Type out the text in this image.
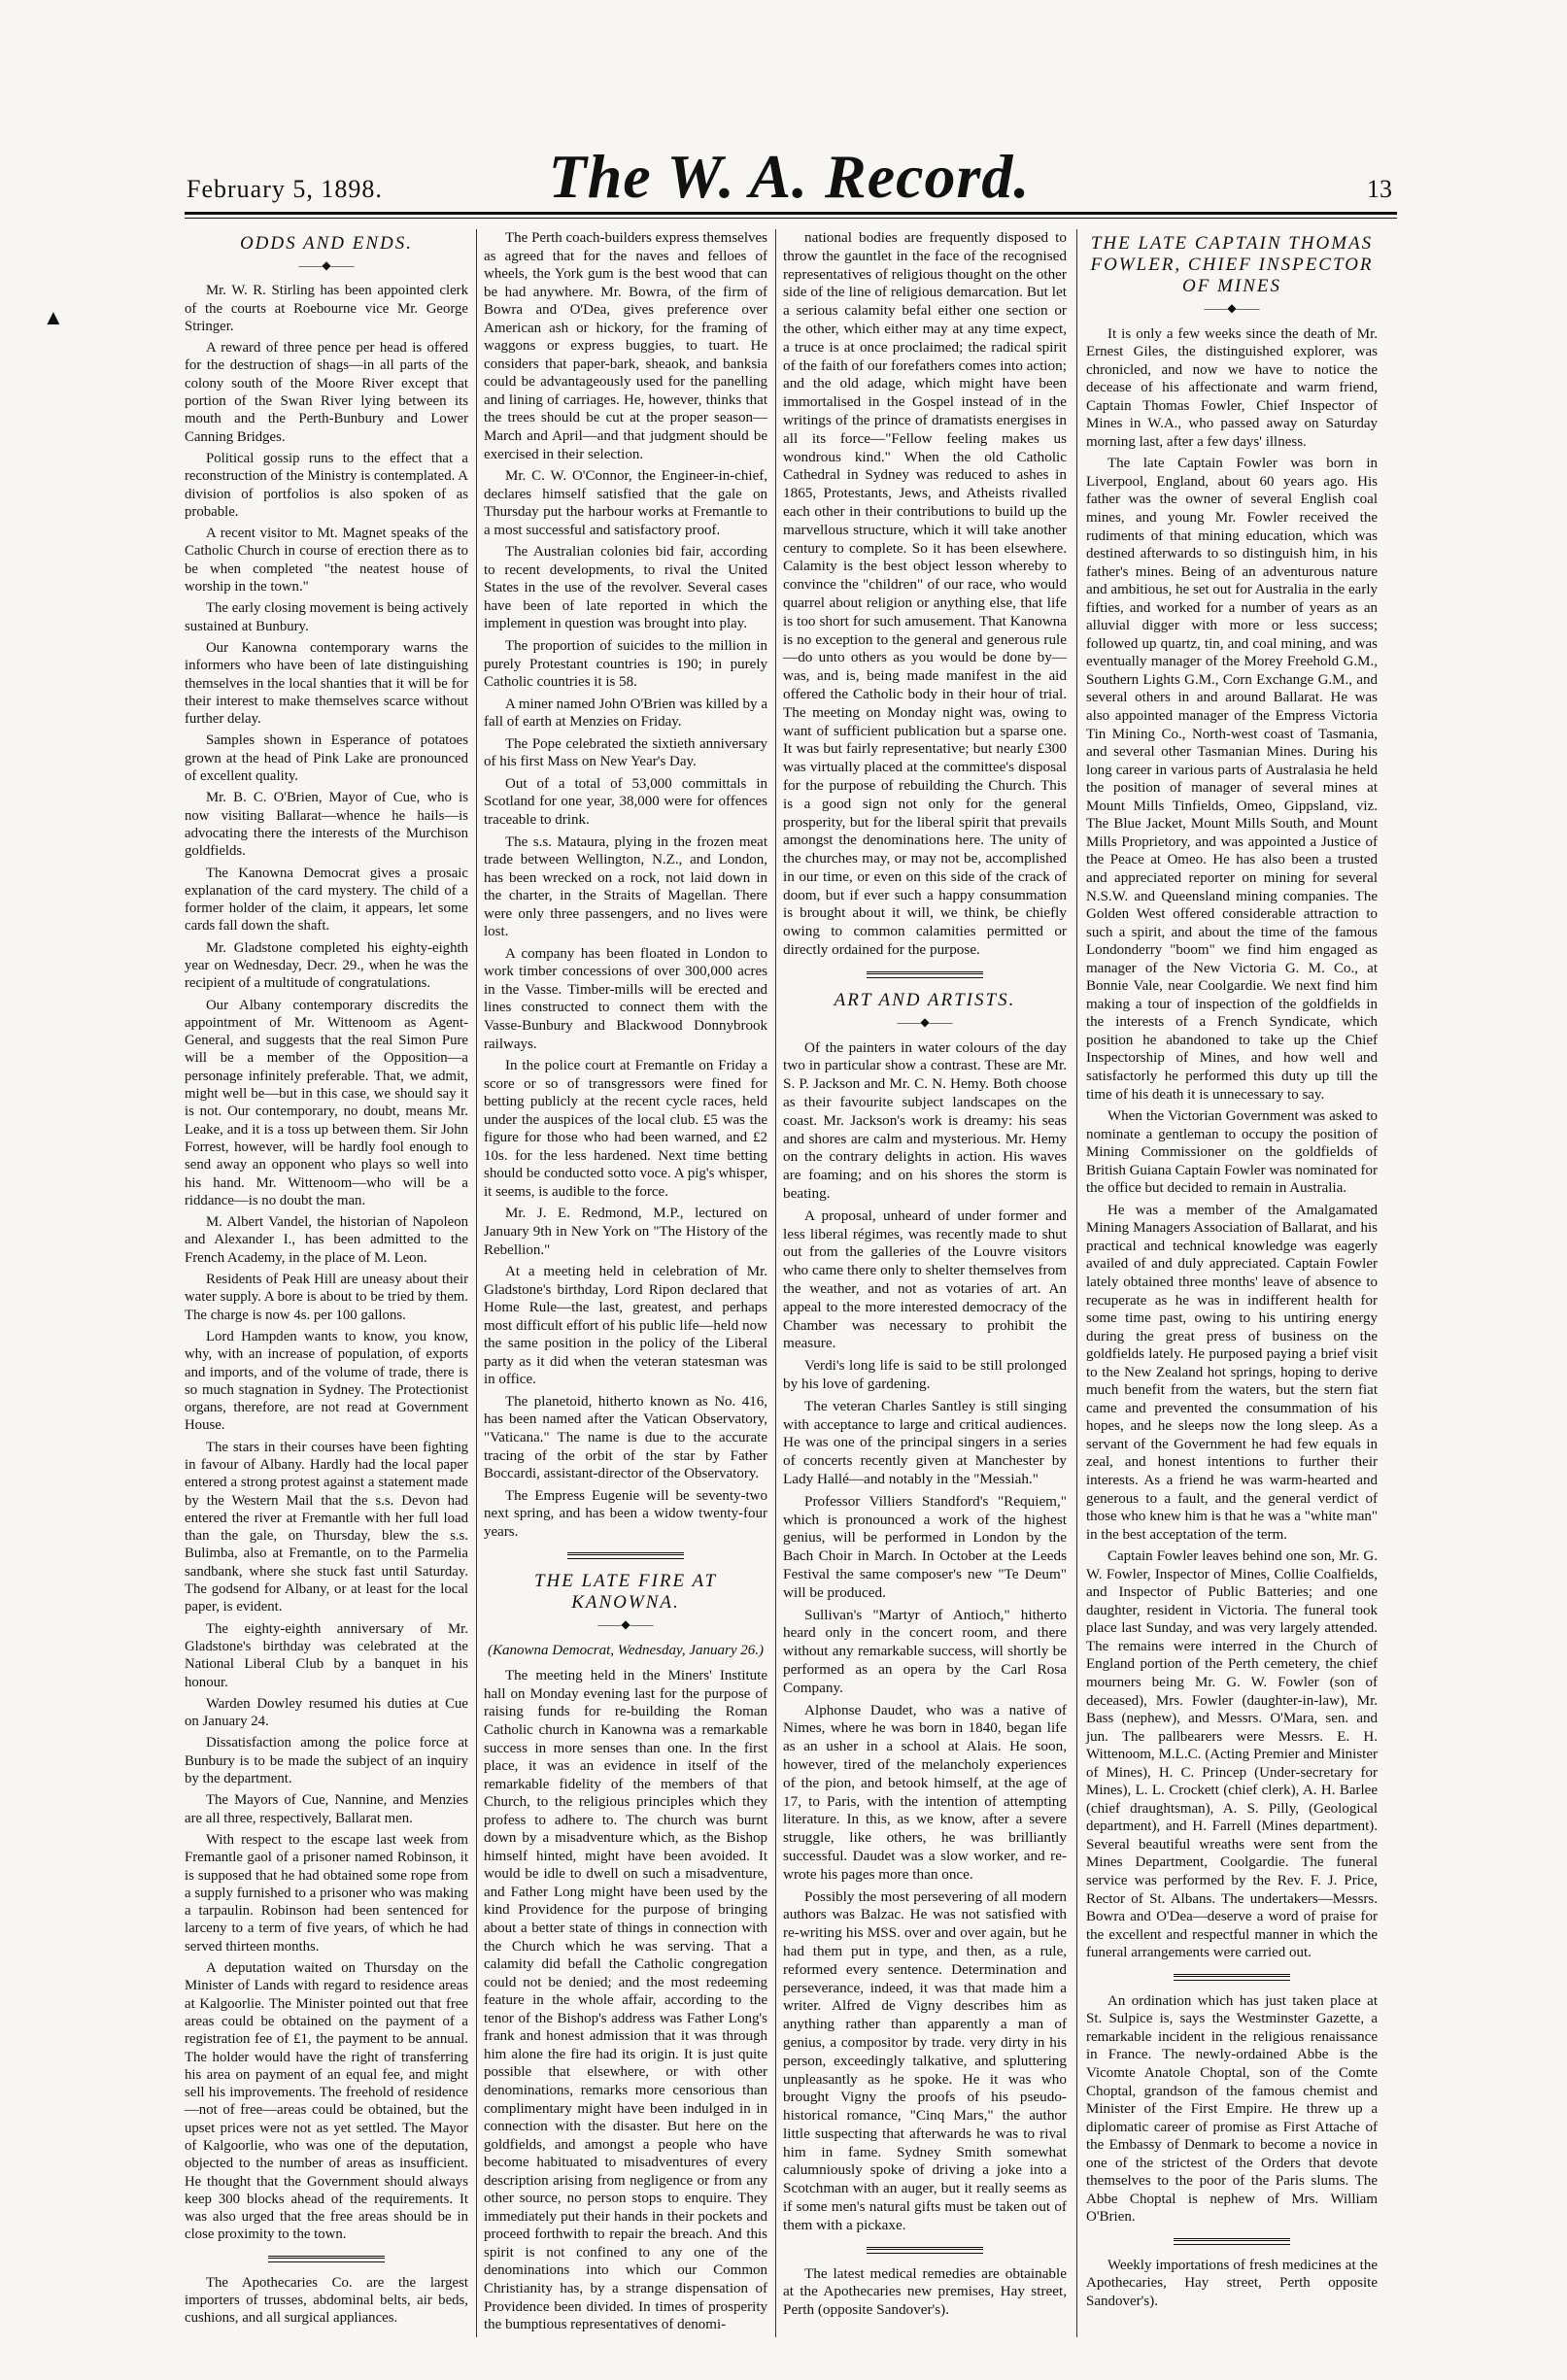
February 5, 1898.	The W. A. Record.	13
▲
ODDS AND ENDS.
——◆——

Mr. W. R. Stirling has been appointed clerk of the courts at Roebourne vice Mr. George Stringer.

A reward of three pence per head is offered for the destruction of shags—in all parts of the colony south of the Moore River except that portion of the Swan River lying between its mouth and the Perth-Bunbury and Lower Canning Bridges.

Political gossip runs to the effect that a reconstruction of the Ministry is contemplated. A division of portfolios is also spoken of as probable.

A recent visitor to Mt. Magnet speaks of the Catholic Church in course of erection there as to be when completed "the neatest house of worship in the town."

The early closing movement is being actively sustained at Bunbury.

Our Kanowna contemporary warns the informers who have been of late distinguishing themselves in the local shanties that it will be for their interest to make themselves scarce without further delay.

Samples shown in Esperance of potatoes grown at the head of Pink Lake are pronounced of excellent quality.

Mr. B. C. O'Brien, Mayor of Cue, who is now visiting Ballarat—whence he hails—is advocating there the interests of the Murchison goldfields.

The Kanowna Democrat gives a prosaic explanation of the card mystery. The child of a former holder of the claim, it appears, let some cards fall down the shaft.

Mr. Gladstone completed his eighty-eighth year on Wednesday, Decr. 29., when he was the recipient of a multitude of congratulations.

Our Albany contemporary discredits the appointment of Mr. Wittenoom as Agent-General, and suggests that the real Simon Pure will be a member of the Opposition—a personage infinitely preferable. That, we admit, might well be—but in this case, we should say it is not. Our contemporary, no doubt, means Mr. Leake, and it is a toss up between them. Sir John Forrest, however, will be hardly fool enough to send away an opponent who plays so well into his hand. Mr. Wittenoom—who will be a riddance—is no doubt the man.

M. Albert Vandel, the historian of Napoleon and Alexander I., has been admitted to the French Academy, in the place of M. Leon.

Residents of Peak Hill are uneasy about their water supply. A bore is about to be tried by them. The charge is now 4s. per 100 gallons.

Lord Hampden wants to know, you know, why, with an increase of population, of exports and imports, and of the volume of trade, there is so much stagnation in Sydney. The Protectionist organs, therefore, are not read at Government House.

The stars in their courses have been fighting in favour of Albany. Hardly had the local paper entered a strong protest against a statement made by the Western Mail that the s.s. Devon had entered the river at Fremantle with her full load than the gale, on Thursday, blew the s.s. Bulimba, also at Fremantle, on to the Parmelia sandbank, where she stuck fast until Saturday. The godsend for Albany, or at least for the local paper, is evident.

The eighty-eighth anniversary of Mr. Gladstone's birthday was celebrated at the National Liberal Club by a banquet in his honour.

Warden Dowley resumed his duties at Cue on January 24.

Dissatisfaction among the police force at Bunbury is to be made the subject of an inquiry by the department.

The Mayors of Cue, Nannine, and Menzies are all three, respectively, Ballarat men.

With respect to the escape last week from Fremantle gaol of a prisoner named Robinson, it is supposed that he had obtained some rope from a supply furnished to a prisoner who was making a tarpaulin. Robinson had been sentenced for larceny to a term of five years, of which he had served thirteen months.

A deputation waited on Thursday on the Minister of Lands with regard to residence areas at Kalgoorlie. The Minister pointed out that free areas could be obtained on the payment of a registration fee of £1, the payment to be annual. The holder would have the right of transferring his area on payment of an equal fee, and might sell his improvements. The freehold of residence—not of free—areas could be obtained, but the upset prices were not as yet settled. The Mayor of Kalgoorlie, who was one of the deputation, objected to the number of areas as insufficient. He thought that the Government should always keep 300 blocks ahead of the requirements. It was also urged that the free areas should be in close proximity to the town.

The Apothecaries Co. are the largest importers of trusses, abdominal belts, air beds, cushions, and all surgical appliances.

The Perth coach-builders express themselves as agreed that for the naves and felloes of wheels, the York gum is the best wood that can be had anywhere. Mr. Bowra, of the firm of Bowra and O'Dea, gives preference over American ash or hickory, for the framing of waggons or express buggies, to tuart. He considers that paper-bark, sheaok, and banksia could be advantageously used for the panelling and lining of carriages. He, however, thinks that the trees should be cut at the proper season—March and April—and that judgment should be exercised in their selection.

Mr. C. W. O'Connor, the Engineer-in-chief, declares himself satisfied that the gale on Thursday put the harbour works at Fremantle to a most successful and satisfactory proof.

The Australian colonies bid fair, according to recent developments, to rival the United States in the use of the revolver. Several cases have been of late reported in which the implement in question was brought into play.

The proportion of suicides to the million in purely Protestant countries is 190; in purely Catholic countries it is 58.

A miner named John O'Brien was killed by a fall of earth at Menzies on Friday.

The Pope celebrated the sixtieth anniversary of his first Mass on New Year's Day.

Out of a total of 53,000 committals in Scotland for one year, 38,000 were for offences traceable to drink.

The s.s. Mataura, plying in the frozen meat trade between Wellington, N.Z., and London, has been wrecked on a rock, not laid down in the charter, in the Straits of Magellan. There were only three passengers, and no lives were lost.

A company has been floated in London to work timber concessions of over 300,000 acres in the Vasse. Timber-mills will be erected and lines constructed to connect them with the Vasse-Bunbury and Blackwood Donnybrook railways.

In the police court at Fremantle on Friday a score or so of transgressors were fined for betting publicly at the recent cycle races, held under the auspices of the local club. £5 was the figure for those who had been warned, and £2 10s. for the less hardened. Next time betting should be conducted sotto voce. A pig's whisper, it seems, is audible to the force.

Mr. J. E. Redmond, M.P., lectured on January 9th in New York on "The History of the Rebellion."

At a meeting held in celebration of Mr. Gladstone's birthday, Lord Ripon declared that Home Rule—the last, greatest, and perhaps most difficult effort of his public life—held now the same position in the policy of the Liberal party as it did when the veteran statesman was in office.

The planetoid, hitherto known as No. 416, has been named after the Vatican Observatory, "Vaticana." The name is due to the accurate tracing of the orbit of the star by Father Boccardi, assistant-director of the Observatory.

The Empress Eugenie will be seventy-two next spring, and has been a widow twenty-four years.

THE LATE FIRE AT KANOWNA.
——◆——
(Kanowna Democrat, Wednesday, January 26.)

The meeting held in the Miners' Institute hall on Monday evening last for the purpose of raising funds for re-building the Roman Catholic church in Kanowna was a remarkable success in more senses than one. In the first place, it was an evidence in itself of the remarkable fidelity of the members of that Church, to the religious principles which they profess to adhere to. The church was burnt down by a misadventure which, as the Bishop himself hinted, might have been avoided. It would be idle to dwell on such a misadventure, and Father Long might have been used by the kind Providence for the purpose of bringing about a better state of things in connection with the Church which he was serving. That a calamity did befall the Catholic congregation could not be denied; and the most redeeming feature in the whole affair, according to the tenor of the Bishop's address was Father Long's frank and honest admission that it was through him alone the fire had its origin. It is just quite possible that elsewhere, or with other denominations, remarks more censorious than complimentary might have been indulged in in connection with the disaster. But here on the goldfields, and amongst a people who have become habituated to misadventures of every description arising from negligence or from any other source, no person stops to enquire. They immediately put their hands in their pockets and proceed forthwith to repair the breach. And this spirit is not confined to any one of the denominations into which our Common Christianity has, by a strange dispensation of Providence been divided. In times of prosperity the bumptious representatives of denomi-

national bodies are frequently disposed to throw the gauntlet in the face of the recognised representatives of religious thought on the other side of the line of religious demarcation. But let a serious calamity befal either one section or the other, which either may at any time expect, a truce is at once proclaimed; the radical spirit of the faith of our forefathers comes into action; and the old adage, which might have been immortalised in the Gospel instead of in the writings of the prince of dramatists energises in all its force—"Fellow feeling makes us wondrous kind." When the old Catholic Cathedral in Sydney was reduced to ashes in 1865, Protestants, Jews, and Atheists rivalled each other in their contributions to build up the marvellous structure, which it will take another century to complete. So it has been elsewhere. Calamity is the best object lesson whereby to convince the "children" of our race, who would quarrel about religion or anything else, that life is too short for such amusement. That Kanowna is no exception to the general and generous rule—do unto others as you would be done by—was, and is, being made manifest in the aid offered the Catholic body in their hour of trial. The meeting on Monday night was, owing to want of sufficient publication but a sparse one. It was but fairly representative; but nearly £300 was virtually placed at the committee's disposal for the purpose of rebuilding the Church. This is a good sign not only for the general prosperity, but for the liberal spirit that prevails amongst the denominations here. The unity of the churches may, or may not be, accomplished in our time, or even on this side of the crack of doom, but if ever such a happy consummation is brought about it will, we think, be chiefly owing to common calamities permitted or directly ordained for the purpose.

ART AND ARTISTS.
——◆——

Of the painters in water colours of the day two in particular show a contrast. These are Mr. S. P. Jackson and Mr. C. N. Hemy. Both choose as their favourite subject landscapes on the coast. Mr. Jackson's work is dreamy: his seas and shores are calm and mysterious. Mr. Hemy on the contrary delights in action. His waves are foaming; and on his shores the storm is beating.

A proposal, unheard of under former and less liberal régimes, was recently made to shut out from the galleries of the Louvre visitors who came there only to shelter themselves from the weather, and not as votaries of art. An appeal to the more interested democracy of the Chamber was necessary to prohibit the measure.

Verdi's long life is said to be still prolonged by his love of gardening.

The veteran Charles Santley is still singing with acceptance to large and critical audiences. He was one of the principal singers in a series of concerts recently given at Manchester by Lady Hallé—and notably in the "Messiah."

Professor Villiers Standford's "Requiem," which is pronounced a work of the highest genius, will be performed in London by the Bach Choir in March. In October at the Leeds Festival the same composer's new "Te Deum" will be produced.

Sullivan's "Martyr of Antioch," hitherto heard only in the concert room, and there without any remarkable success, will shortly be performed as an opera by the Carl Rosa Company.

Alphonse Daudet, who was a native of Nimes, where he was born in 1840, began life as an usher in a school at Alais. He soon, however, tired of the melancholy experiences of the pion, and betook himself, at the age of 17, to Paris, with the intention of attempting literature. In this, as we know, after a severe struggle, like others, he was brilliantly successful. Daudet was a slow worker, and re-wrote his pages more than once.

Possibly the most persevering of all modern authors was Balzac. He was not satisfied with re-writing his MSS. over and over again, but he had them put in type, and then, as a rule, reformed every sentence. Determination and perseverance, indeed, it was that made him a writer. Alfred de Vigny describes him as anything rather than apparently a man of genius, a compositor by trade. very dirty in his person, exceedingly talkative, and spluttering unpleasantly as he spoke. He it was who brought Vigny the proofs of his pseudo-historical romance, "Cinq Mars," the author little suspecting that afterwards he was to rival him in fame. Sydney Smith somewhat calumniously spoke of driving a joke into a Scotchman with an auger, but it really seems as if some men's natural gifts must be taken out of them with a pickaxe.

The latest medical remedies are obtainable at the Apothecaries new premises, Hay street, Perth (opposite Sandover's).

THE LATE CAPTAIN THOMAS FOWLER, CHIEF INSPECTOR OF MINES
——◆——

It is only a few weeks since the death of Mr. Ernest Giles, the distinguished explorer, was chronicled, and now we have to notice the decease of his affectionate and warm friend, Captain Thomas Fowler, Chief Inspector of Mines in W.A., who passed away on Saturday morning last, after a few days' illness.

The late Captain Fowler was born in Liverpool, England, about 60 years ago. His father was the owner of several English coal mines, and young Mr. Fowler received the rudiments of that mining education, which was destined afterwards to so distinguish him, in his father's mines. Being of an adventurous nature and ambitious, he set out for Australia in the early fifties, and worked for a number of years as an alluvial digger with more or less success; followed up quartz, tin, and coal mining, and was eventually manager of the Morey Freehold G.M., Southern Lights G.M., Corn Exchange G.M., and several others in and around Ballarat. He was also appointed manager of the Empress Victoria Tin Mining Co., North-west coast of Tasmania, and several other Tasmanian Mines. During his long career in various parts of Australasia he held the position of manager of several mines at Mount Mills Tinfields, Omeo, Gippsland, viz. The Blue Jacket, Mount Mills South, and Mount Mills Proprietory, and was appointed a Justice of the Peace at Omeo. He has also been a trusted and appreciated reporter on mining for several N.S.W. and Queensland mining companies. The Golden West offered considerable attraction to such a spirit, and about the time of the famous Londonderry "boom" we find him engaged as manager of the New Victoria G. M. Co., at Bonnie Vale, near Coolgardie. We next find him making a tour of inspection of the goldfields in the interests of a French Syndicate, which position he abandoned to take up the Chief Inspectorship of Mines, and how well and satisfactorly he performed this duty up till the time of his death it is unnecessary to say.

When the Victorian Government was asked to nominate a gentleman to occupy the position of Mining Commissioner on the goldfields of British Guiana Captain Fowler was nominated for the office but decided to remain in Australia.

He was a member of the Amalgamated Mining Managers Association of Ballarat, and his practical and technical knowledge was eagerly availed of and duly appreciated. Captain Fowler lately obtained three months' leave of absence to recuperate as he was in indifferent health for some time past, owing to his untiring energy during the great press of business on the goldfields lately. He purposed paying a brief visit to the New Zealand hot springs, hoping to derive much benefit from the waters, but the stern fiat came and prevented the consummation of his hopes, and he sleeps now the long sleep. As a servant of the Government he had few equals in zeal, and honest intentions to further their interests. As a friend he was warm-hearted and generous to a fault, and the general verdict of those who knew him is that he was a "white man" in the best acceptation of the term.

Captain Fowler leaves behind one son, Mr. G. W. Fowler, Inspector of Mines, Collie Coalfields, and Inspector of Public Batteries; and one daughter, resident in Victoria. The funeral took place last Sunday, and was very largely attended. The remains were interred in the Church of England portion of the Perth cemetery, the chief mourners being Mr. G. W. Fowler (son of deceased), Mrs. Fowler (daughter-in-law), Mr. Bass (nephew), and Messrs. O'Mara, sen. and jun. The pallbearers were Messrs. E. H. Wittenoom, M.L.C. (Acting Premier and Minister of Mines), H. C. Princep (Under-secretary for Mines), L. L. Crockett (chief clerk), A. H. Barlee (chief draughtsman), A. S. Pilly, (Geological department), and H. Farrell (Mines department). Several beautiful wreaths were sent from the Mines Department, Coolgardie. The funeral service was performed by the Rev. F. J. Price, Rector of St. Albans. The undertakers—Messrs. Bowra and O'Dea—deserve a word of praise for the excellent and respectful manner in which the funeral arrangements were carried out.

An ordination which has just taken place at St. Sulpice is, says the Westminster Gazette, a remarkable incident in the religious renaissance in France. The newly-ordained Abbe is the Vicomte Anatole Choptal, son of the Comte Choptal, grandson of the famous chemist and Minister of the First Empire. He threw up a diplomatic career of promise as First Attache of the Embassy of Denmark to become a novice in one of the strictest of the Orders that devote themselves to the poor of the Paris slums. The Abbe Choptal is nephew of Mrs. William O'Brien.

Weekly importations of fresh medicines at the Apothecaries, Hay street, Perth opposite Sandover's).
